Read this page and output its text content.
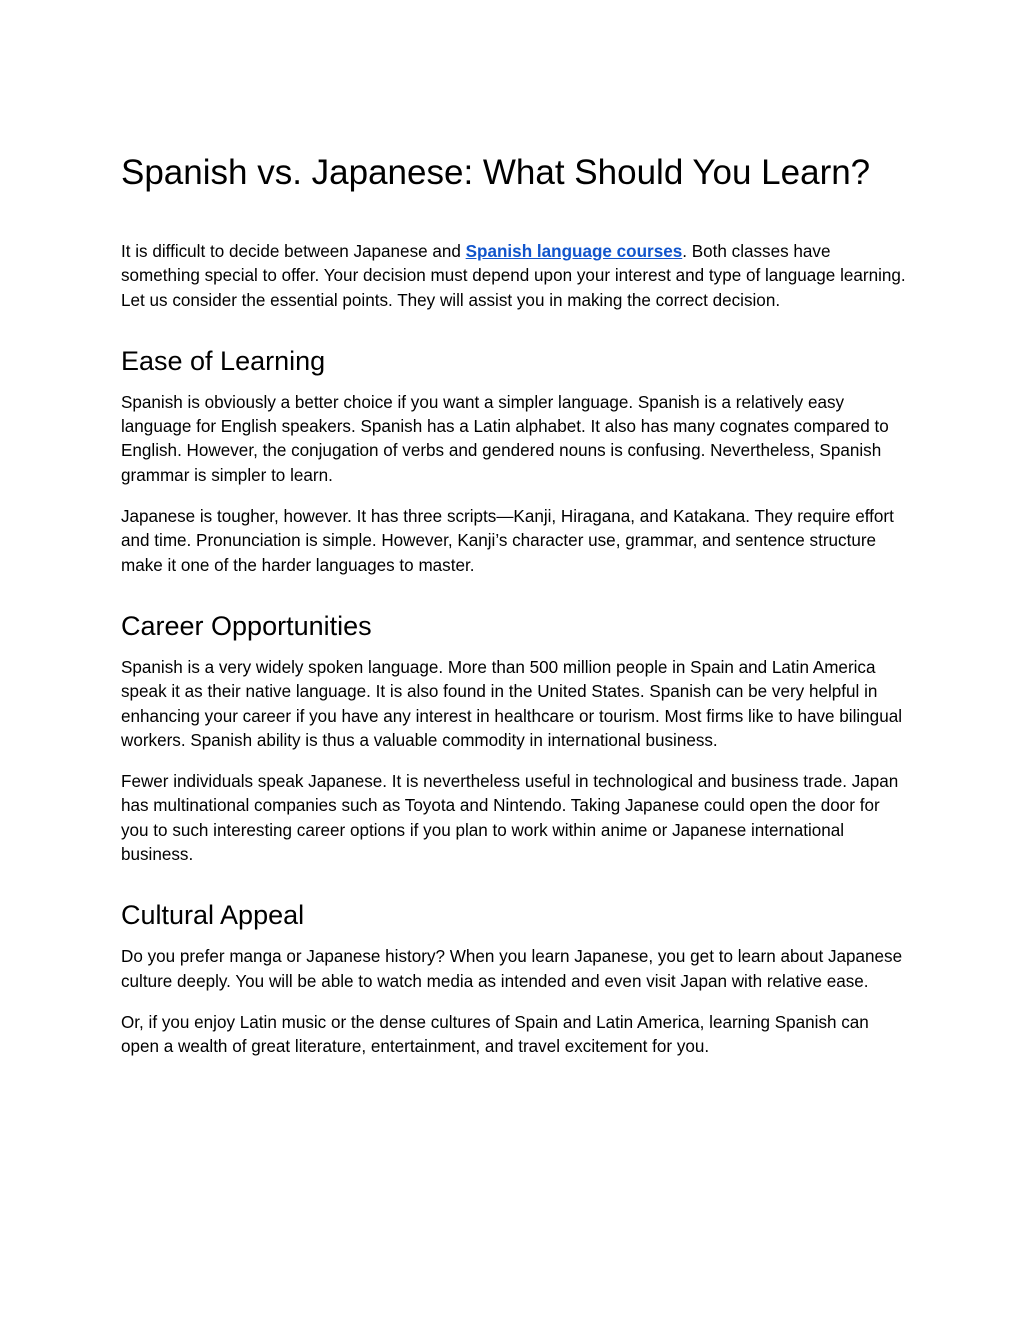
Spanish vs. Japanese: What Should You Learn?

It is difficult to decide between Japanese and Spanish language courses. Both classes have something special to offer. Your decision must depend upon your interest and type of language learning. Let us consider the essential points. They will assist you in making the correct decision.

Ease of Learning

Spanish is obviously a better choice if you want a simpler language. Spanish is a relatively easy language for English speakers. Spanish has a Latin alphabet. It also has many cognates compared to English. However, the conjugation of verbs and gendered nouns is confusing. Nevertheless, Spanish grammar is simpler to learn.

Japanese is tougher, however. It has three scripts—Kanji, Hiragana, and Katakana. They require effort and time. Pronunciation is simple. However, Kanji’s character use, grammar, and sentence structure make it one of the harder languages to master.

Career Opportunities

Spanish is a very widely spoken language. More than 500 million people in Spain and Latin America speak it as their native language. It is also found in the United States. Spanish can be very helpful in enhancing your career if you have any interest in healthcare or tourism. Most firms like to have bilingual workers. Spanish ability is thus a valuable commodity in international business.

Fewer individuals speak Japanese. It is nevertheless useful in technological and business trade. Japan has multinational companies such as Toyota and Nintendo. Taking Japanese could open the door for you to such interesting career options if you plan to work within anime or Japanese international business.

Cultural Appeal

Do you prefer manga or Japanese history? When you learn Japanese, you get to learn about Japanese culture deeply. You will be able to watch media as intended and even visit Japan with relative ease.

Or, if you enjoy Latin music or the dense cultures of Spain and Latin America, learning Spanish can open a wealth of great literature, entertainment, and travel excitement for you.
